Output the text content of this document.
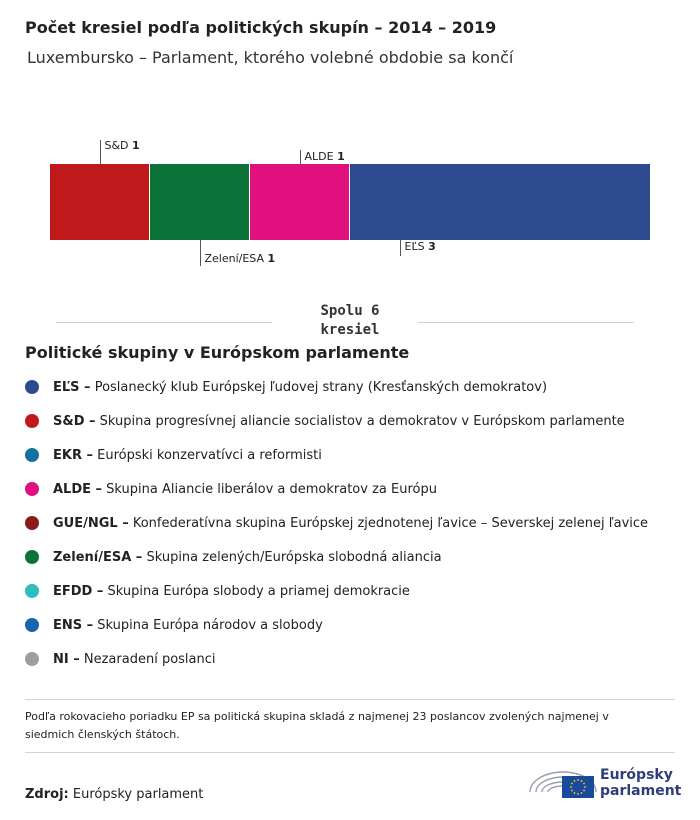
Počet kresiel podľa politických skupín – 2014 – 2019
Luxembursko – Parlament, ktorého volebné obdobie sa končí
S&D 1
Zelení/ESA 1
ALDE 1
EĽS 3
Spolu 6
kresiel
Politické skupiny v Európskom parlamente
EĽS – Poslanecký klub Európskej ľudovej strany (Kresťanských demokratov)
S&D – Skupina progresívnej aliancie socialistov a demokratov v Európskom parlamente
EKR – Európski konzervatívci a reformisti
ALDE – Skupina Aliancie liberálov a demokratov za Európu
GUE/NGL – Konfederatívna skupina Európskej zjednotenej ľavice – Severskej zelenej ľavice
Zelení/ESA – Skupina zelených/Európska slobodná aliancia
EFDD – Skupina Európa slobody a priamej demokracie
ENS – Skupina Európa národov a slobody
NI – Nezaradení poslanci
Podľa rokovacieho poriadku EP sa politická skupina skladá z najmenej 23 poslancov zvolených najmenej v siedmich členských štátoch.
Zdroj: Európsky parlament
Európsky
parlament
